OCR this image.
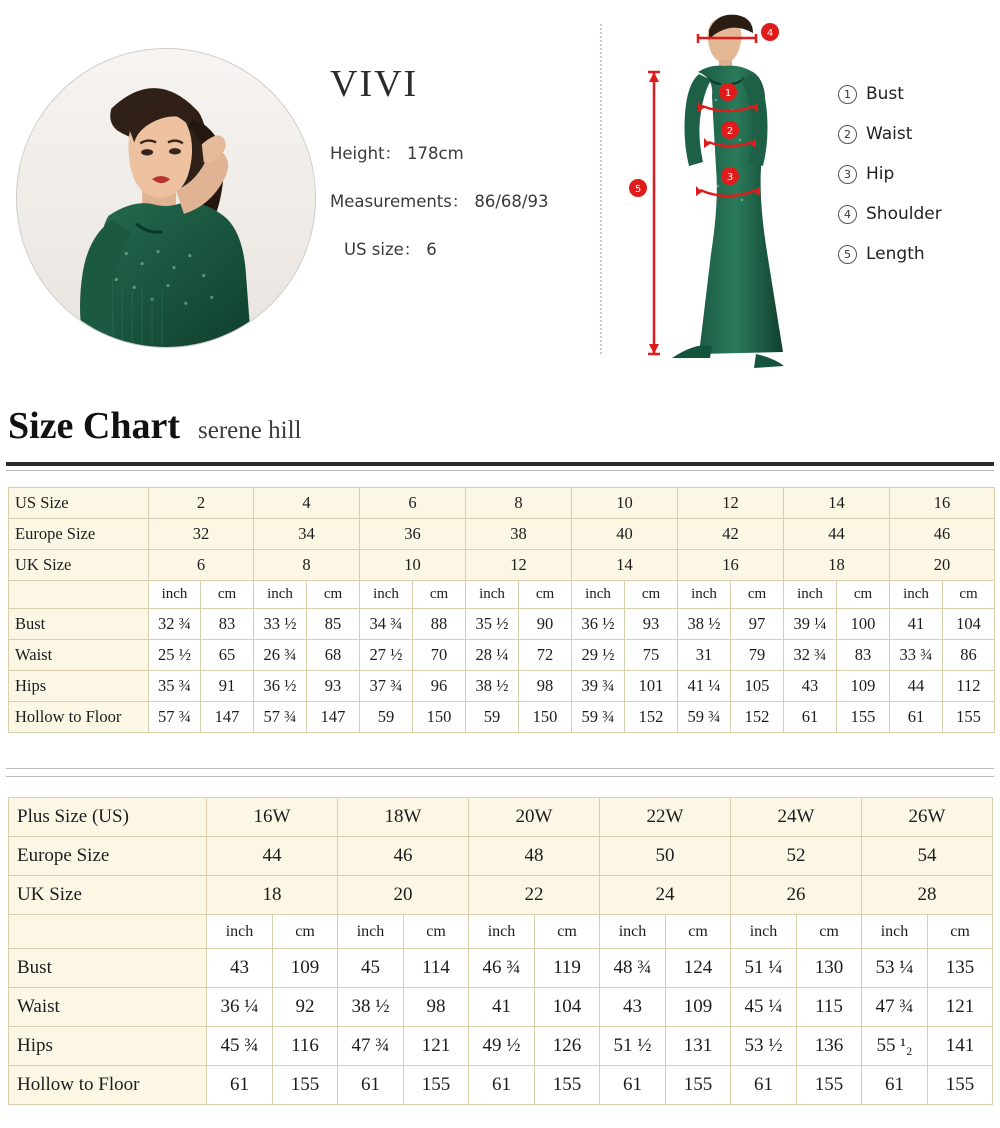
VIVI
Height： 178cm
Measurements： 86/68/93
US size： 6
1
2
3
4
5
1 Bust
2 Waist
3 Hip
4 Shoulder
5 Length
Size Chart serene hill
US Size	2		4		6		8		10		12		14		16	
Europe Size	32		34		36		38		40		42		44		46	
UK Size	6		8		10		12		14		16		18		20	
	inch	cm	inch	cm	inch	cm	inch	cm	inch	cm	inch	cm	inch	cm	inch	cm
Bust	32 ¾	83	33 ½	85	34 ¾	88	35 ½	90	36 ½	93	38 ½	97	39 ¼	100	41	104
Waist	25 ½	65	26 ¾	68	27 ½	70	28 ¼	72	29 ½	75	31	79	32 ¾	83	33 ¾	86
Hips	35 ¾	91	36 ½	93	37 ¾	96	38 ½	98	39 ¾	101	41 ¼	105	43	109	44	112
Hollow to Floor	57 ¾	147	57 ¾	147	59	150	59	150	59 ¾	152	59 ¾	152	61	155	61	155
Plus Size (US)	16W		18W		20W		22W		24W		26W	
Europe Size	44		46		48		50		52		54	
UK Size	18		20		22		24		26		28	
	inch	cm	inch	cm	inch	cm	inch	cm	inch	cm	inch	cm
Bust	43	109	45	114	46 ¾	119	48 ¾	124	51 ¼	130	53 ¼	135
Waist	36 ¼	92	38 ½	98	41	104	43	109	45 ¼	115	47 ¾	121
Hips	45 ¾	116	47 ¾	121	49 ½	126	51 ½	131	53 ½	136	55 ¹₂	141
Hollow to Floor	61	155	61	155	61	155	61	155	61	155	61	155
